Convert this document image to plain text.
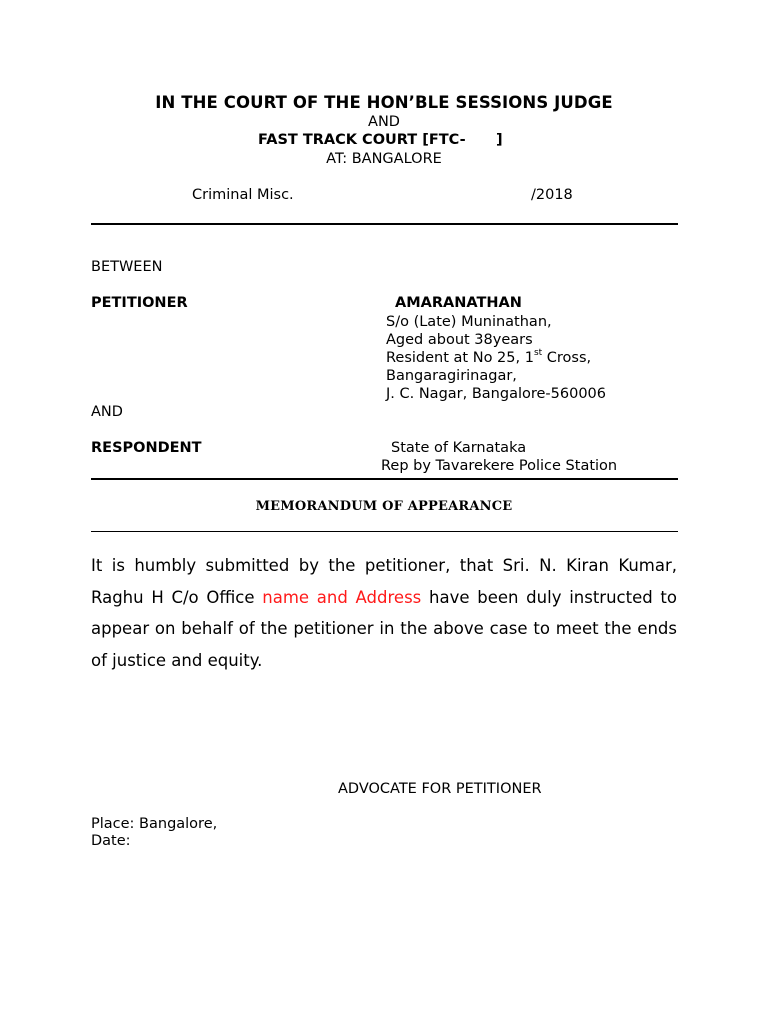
IN THE COURT OF THE HON’BLE SESSIONS JUDGE
AND
FAST TRACK COURT [FTC-      ]
AT: BANGALORE
Criminal Misc.	/2018
BETWEEN
PETITIONER	AMARANATHAN
S/o (Late) Muninathan,
Aged about 38years
Resident at No 25, 1st Cross,
Bangaragirinagar,
J. C. Nagar, Bangalore-560006
AND
RESPONDENT	State of Karnataka
Rep by Tavarekere Police Station
MEMORANDUM OF APPEARANCE
It is humbly submitted by the petitioner, that Sri. N. Kiran Kumar, Raghu H C/o Office name and Address have been duly instructed to appear on behalf of the petitioner in the above case to meet the ends of justice and equity.
ADVOCATE FOR PETITIONER
Place: Bangalore,
Date:
